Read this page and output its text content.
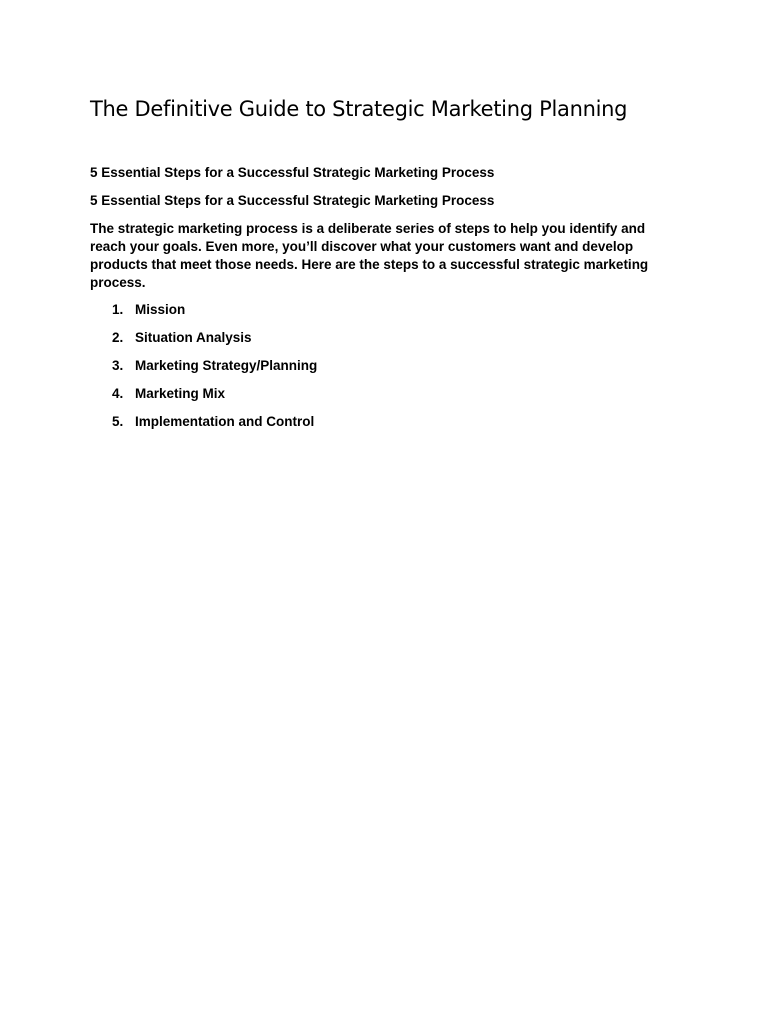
The Definitive Guide to Strategic Marketing Planning

5 Essential Steps for a Successful Strategic Marketing Process

5 Essential Steps for a Successful Strategic Marketing Process

The strategic marketing process is a deliberate series of steps to help you identify and reach your goals. Even more, you’ll discover what your customers want and develop products that meet those needs. Here are the steps to a successful strategic marketing process.

1. Mission
2. Situation Analysis
3. Marketing Strategy/Planning
4. Marketing Mix
5. Implementation and Control
